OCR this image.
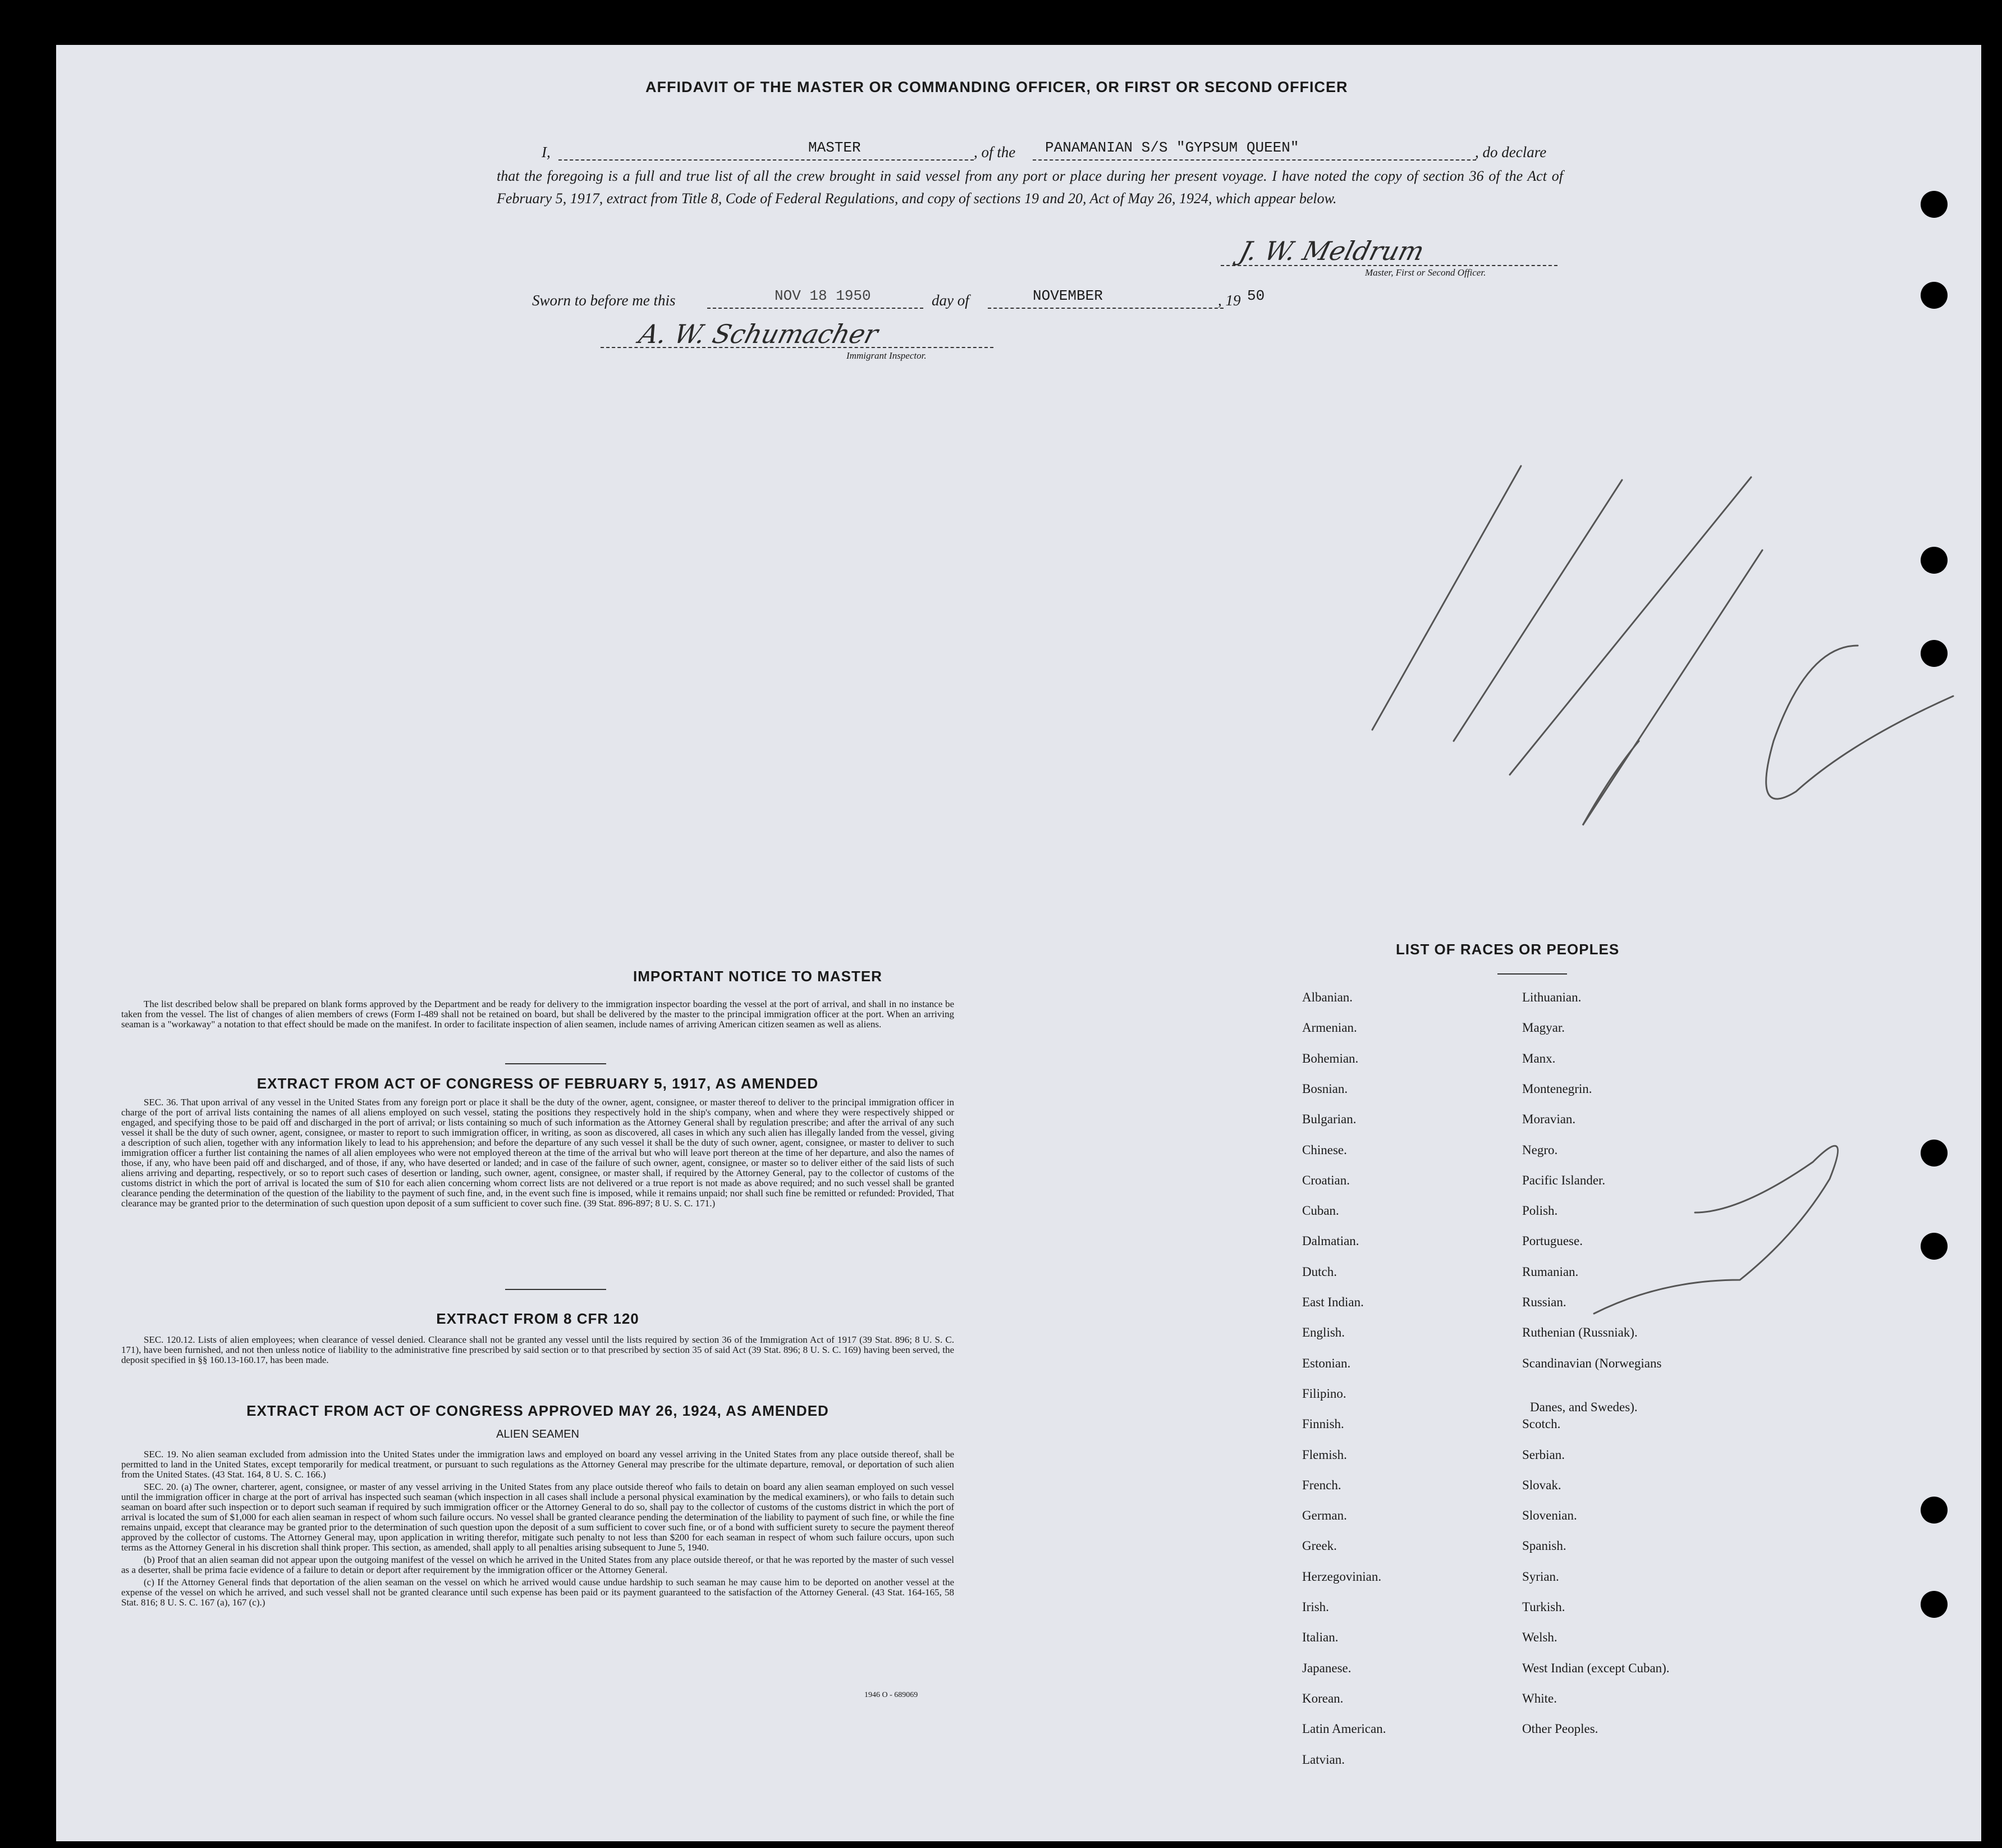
AFFIDAVIT OF THE MASTER OR COMMANDING OFFICER, OR FIRST OR SECOND OFFICER
I,	MASTER	, of the PANAMANIAN S/S "GYPSUM QUEEN"	, do declare
that the foregoing is a full and true list of all the crew brought in said vessel from any port or place during her present voyage. I have noted the copy of section 36 of the Act of February 5, 1917, extract from Title 8, Code of Federal Regulations, and copy of sections 19 and 20, Act of May 26, 1924, which appear below.
J. W. Meldrum
Master, First or Second Officer.
Sworn to before me this	NOV 18 1950	day of	NOVEMBER	, 19 50
A. W. Schumacher
Immigrant Inspector.
IMPORTANT NOTICE TO MASTER

The list described below shall be prepared on blank forms approved by the Department and be ready for delivery to the immigration inspector boarding the vessel at the port of arrival, and shall in no instance be taken from the vessel. The list of changes of alien members of crews (Form I-489 shall not be retained on board, but shall be delivered by the master to the principal immigration officer at the port. When an arriving seaman is a "workaway" a notation to that effect should be made on the manifest. In order to facilitate inspection of alien seamen, include names of arriving American citizen seamen as well as aliens.

EXTRACT FROM ACT OF CONGRESS OF FEBRUARY 5, 1917, AS AMENDED

SEC. 36. That upon arrival of any vessel in the United States from any foreign port or place it shall be the duty of the owner, agent, consignee, or master thereof to deliver to the principal immigration officer in charge of the port of arrival lists containing the names of all aliens employed on such vessel, stating the positions they respectively hold in the ship's company, when and where they were respectively shipped or engaged, and specifying those to be paid off and discharged in the port of arrival; or lists containing so much of such information as the Attorney General shall by regulation prescribe; and after the arrival of any such vessel it shall be the duty of such owner, agent, consignee, or master to report to such immigration officer, in writing, as soon as discovered, all cases in which any such alien has illegally landed from the vessel, giving a description of such alien, together with any information likely to lead to his apprehension; and before the departure of any such vessel it shall be the duty of such owner, agent, consignee, or master to deliver to such immigration officer a further list containing the names of all alien employees who were not employed thereon at the time of the arrival but who will leave port thereon at the time of her departure, and also the names of those, if any, who have been paid off and discharged, and of those, if any, who have deserted or landed; and in case of the failure of such owner, agent, consignee, or master so to deliver either of the said lists of such aliens arriving and departing, respectively, or so to report such cases of desertion or landing, such owner, agent, consignee, or master shall, if required by the Attorney General, pay to the collector of customs of the customs district in which the port of arrival is located the sum of $10 for each alien concerning whom correct lists are not delivered or a true report is not made as above required; and no such vessel shall be granted clearance pending the determination of the question of the liability to the payment of such fine, and, in the event such fine is imposed, while it remains unpaid; nor shall such fine be remitted or refunded: Provided, That clearance may be granted prior to the determination of such question upon deposit of a sum sufficient to cover such fine. (39 Stat. 896-897; 8 U. S. C. 171.)

EXTRACT FROM 8 CFR 120

SEC. 120.12. Lists of alien employees; when clearance of vessel denied. Clearance shall not be granted any vessel until the lists required by section 36 of the Immigration Act of 1917 (39 Stat. 896; 8 U. S. C. 171), have been furnished, and not then unless notice of liability to the administrative fine prescribed by said section or to that prescribed by section 35 of said Act (39 Stat. 896; 8 U. S. C. 169) having been served, the deposit specified in §§ 160.13-160.17, has been made.

EXTRACT FROM ACT OF CONGRESS APPROVED MAY 26, 1924, AS AMENDED
ALIEN SEAMEN

SEC. 19. No alien seaman excluded from admission into the United States under the immigration laws and employed on board any vessel arriving in the United States from any place outside thereof, shall be permitted to land in the United States, except temporarily for medical treatment, or pursuant to such regulations as the Attorney General may prescribe for the ultimate departure, removal, or deportation of such alien from the United States. (43 Stat. 164, 8 U. S. C. 166.)

SEC. 20. (a) The owner, charterer, agent, consignee, or master of any vessel arriving in the United States from any place outside thereof who fails to detain on board any alien seaman employed on such vessel until the immigration officer in charge at the port of arrival has inspected such seaman (which inspection in all cases shall include a personal physical examination by the medical examiners), or who fails to detain such seaman on board after such inspection or to deport such seaman if required by such immigration officer or the Attorney General to do so, shall pay to the collector of customs of the customs district in which the port of arrival is located the sum of $1,000 for each alien seaman in respect of whom such failure occurs. No vessel shall be granted clearance pending the determination of the liability to payment of such fine, or while the fine remains unpaid, except that clearance may be granted prior to the determination of such question upon the deposit of a sum sufficient to cover such fine, or of a bond with sufficient surety to secure the payment thereof approved by the collector of customs. The Attorney General may, upon application in writing therefor, mitigate such penalty to not less than $200 for each seaman in respect of whom such failure occurs, upon such terms as the Attorney General in his discretion shall think proper. This section, as amended, shall apply to all penalties arising subsequent to June 5, 1940.

(b) Proof that an alien seaman did not appear upon the outgoing manifest of the vessel on which he arrived in the United States from any place outside thereof, or that he was reported by the master of such vessel as a deserter, shall be prima facie evidence of a failure to detain or deport after requirement by the immigration officer or the Attorney General.

(c) If the Attorney General finds that deportation of the alien seaman on the vessel on which he arrived would cause undue hardship to such seaman he may cause him to be deported on another vessel at the expense of the vessel on which he arrived, and such vessel shall not be granted clearance until such expense has been paid or its payment guaranteed to the satisfaction of the Attorney General. (43 Stat. 164-165, 58 Stat. 816; 8 U. S. C. 167 (a), 167 (c).)

1946 O - 689069
LIST OF RACES OR PEOPLES
Albanian.
Armenian.
Bohemian.
Bosnian.
Bulgarian.
Chinese.
Croatian.
Cuban.
Dalmatian.
Dutch.
East Indian.
English.
Estonian.
Filipino.
Finnish.
Flemish.
French.
German.
Greek.
Herzegovinian.
Irish.
Italian.
Japanese.
Korean.
Latin American.
Latvian.
Lithuanian.
Magyar.
Manx.
Montenegrin.
Moravian.
Negro.
Pacific Islander.
Polish.
Portuguese.
Rumanian.
Russian.
Ruthenian (Russniak).
Scandinavian (Norwegians
Danes, and Swedes).
Scotch.
Serbian.
Slovak.
Slovenian.
Spanish.
Syrian.
Turkish.
Welsh.
West Indian (except Cuban).
White.
Other Peoples.
